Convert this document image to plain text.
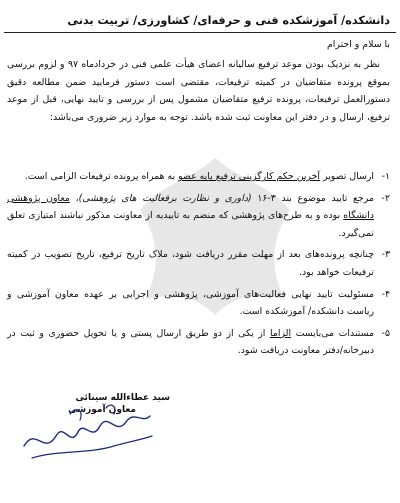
دانشکده/ آموزشکده فنی و حرفه‌ای/ کشاورزی/ تربیت بدنی
با سلام و احترام

نظر به نزدیک بودن موعد ترفیع سالیانه اعضای هیأت علمی فنی در خردادماه ۹۷ و لزوم بررسی بموقع پرونده متقاضیان در کمیته ترفیعات، مقتضی است دستور فرمایید ضمن مطالعه دقیق دستورالعمل ترفیعات، پرونده ترفیع متقاضیان مشمول پس از بررسی و تایید نهایی، قبل از موعد ترفیع، ارسال و در دفتر این معاونت ثبت شده باشد. توجه به موارد زیر ضروری می‌باشد:

۱-ارسال تصویر آخرین حکم کارگزینی ترفیع پایه عضو به همراه پرونده ترفیعات الزامی است.
۲-مرجع تایید موضوع بند ۳-۱۶ (داوری و نظارت برفعالیت های پژوهشی)، معاون پژوهشی دانشگاه بوده و به طرح‌های پژوهشی که منضم به تاییدیه از معاونت مذکور نباشند امتیازی تعلق نمی‌گیرد.
۳-چنانچه پرونده‌های بعد از مهلت مقرر دریافت شود، ملاک تاریخ ترفیع، تاریخ تصویب در کمیته ترفیعات خواهد بود.
۴-مسئولیت تایید نهایی فعالیت‌های آموزشی، پژوهشی و اجرایی بر عهده معاون آموزشی و ریاست دانشکده/ آموزشکده است.
۵-مستندات می‌بایست الزاما از یکی از دو طریق ارسال پستی و یا تحویل حضوری و ثبت در دبیرخانه/دفتر معاونت دریافت شود.
سید عطاءالله سینائی
معاون آموزشی
